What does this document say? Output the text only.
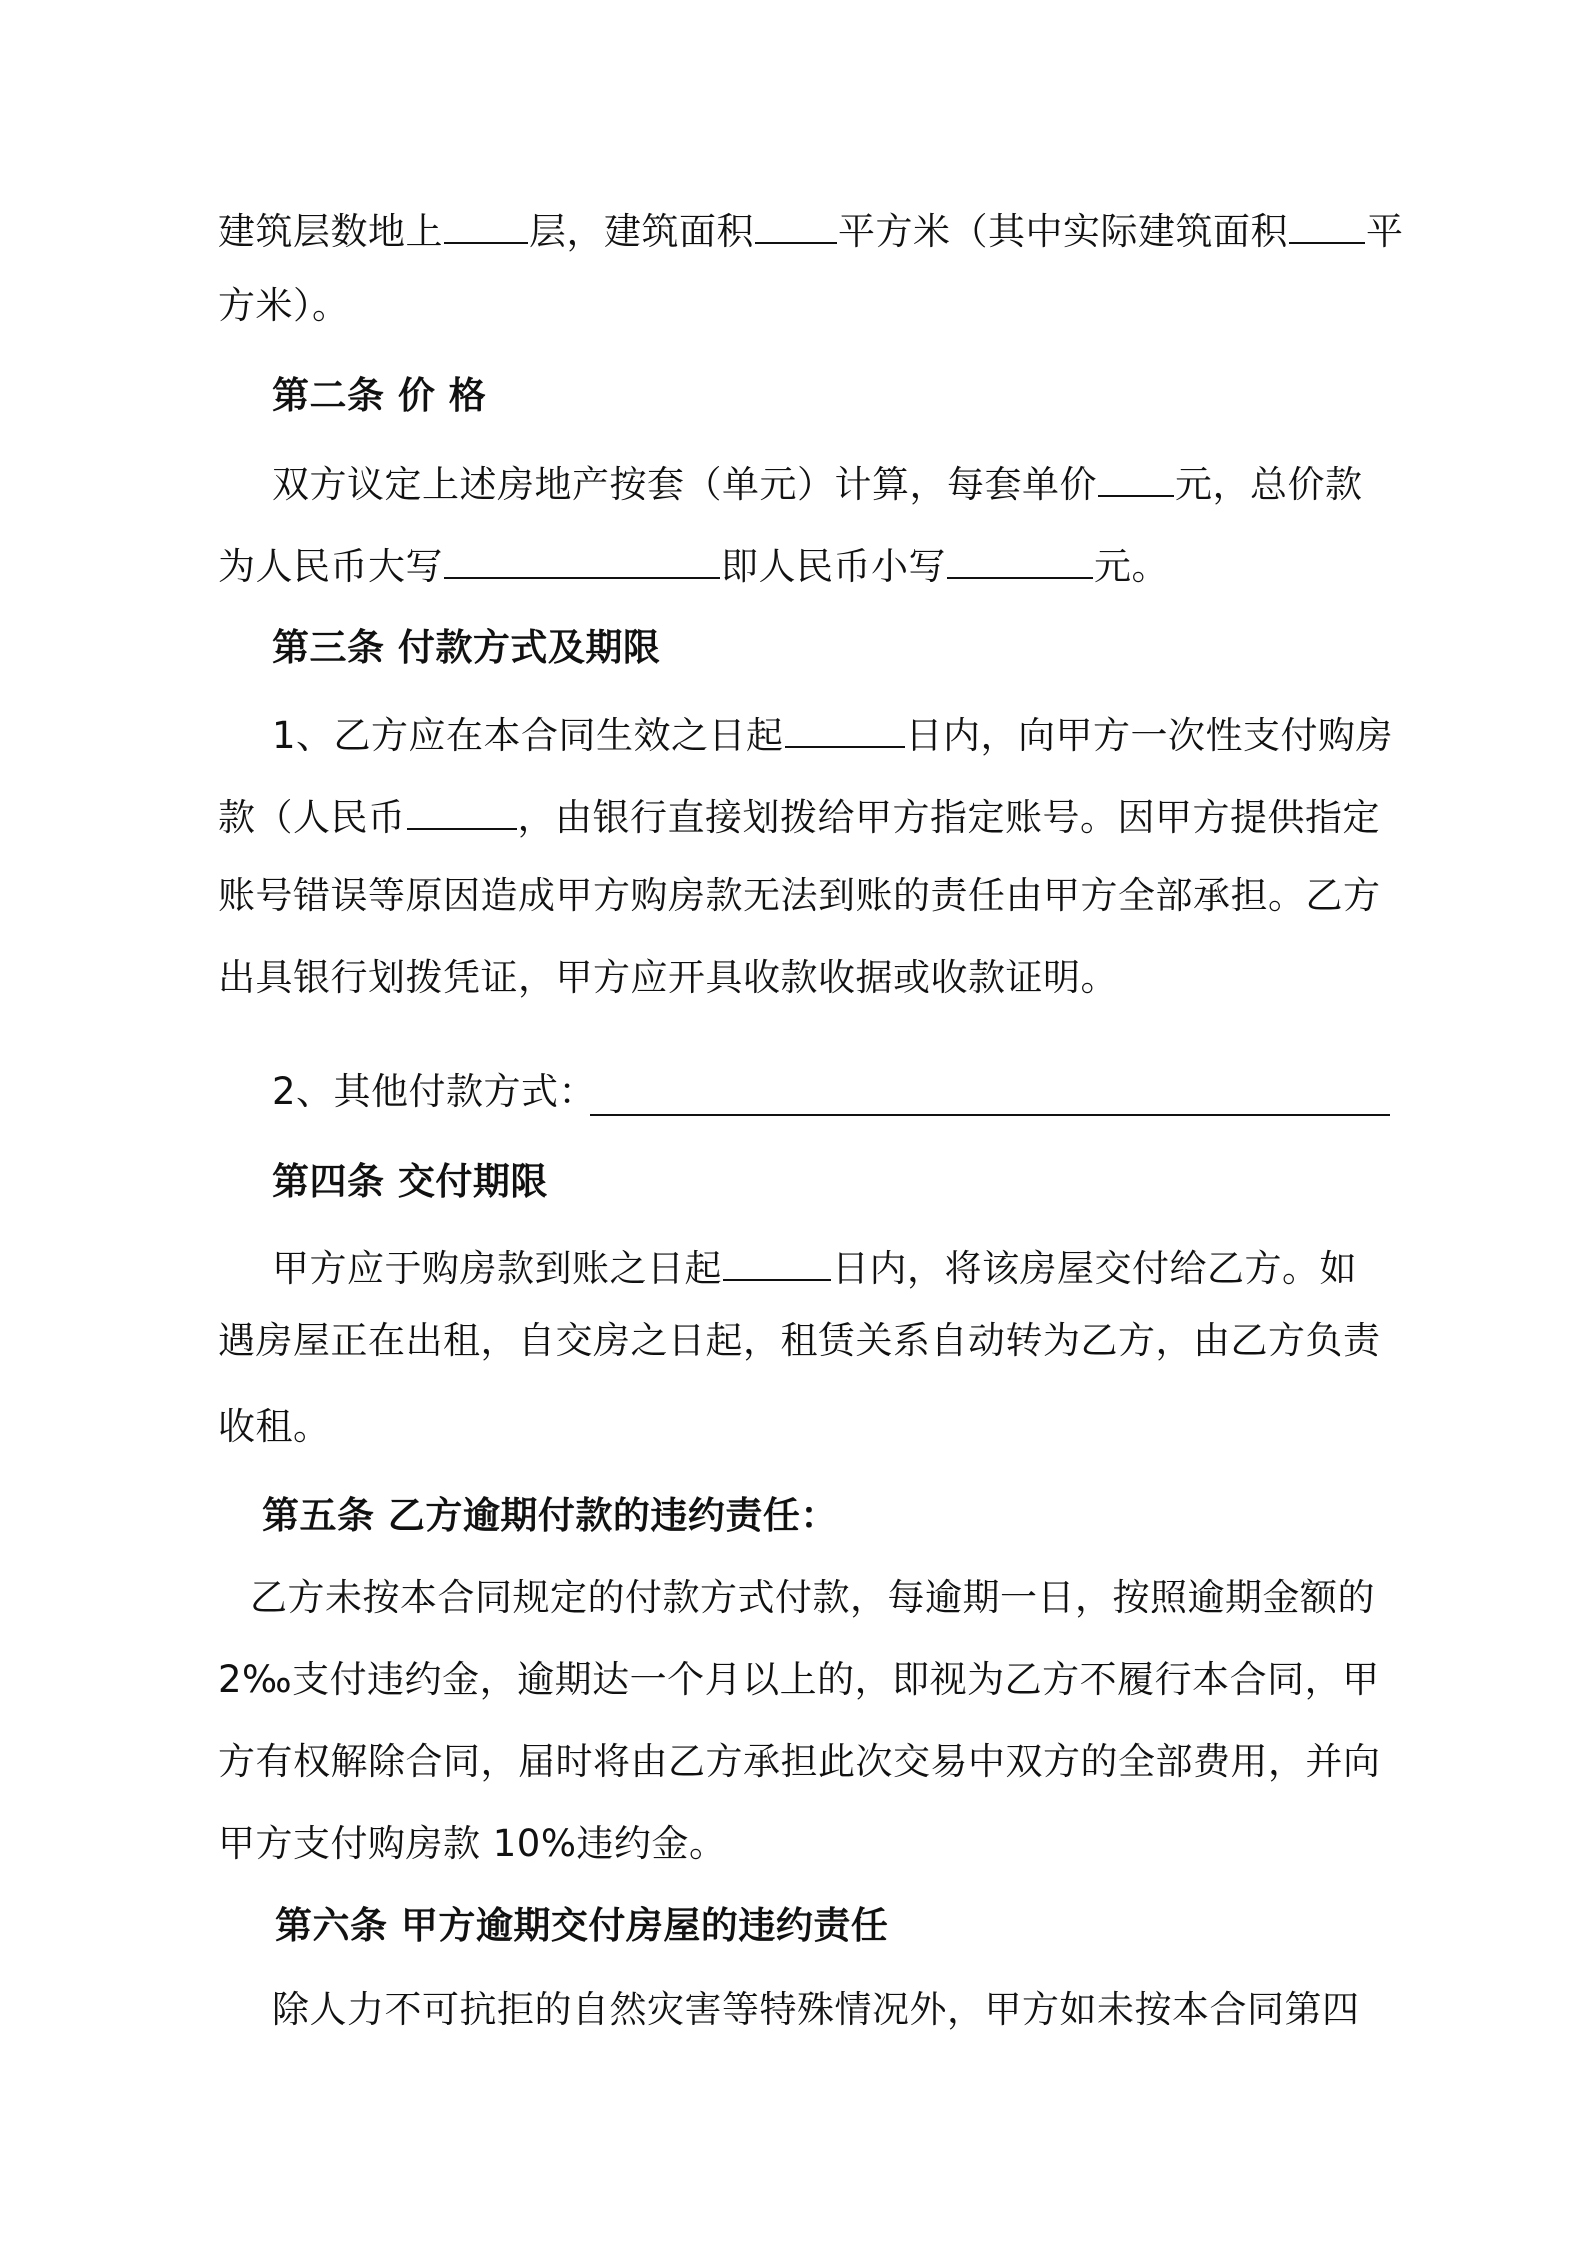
建筑层数地上 层，建筑面积 平方米（其中实际建筑面积 平
方米）。
第二条 价 格
双方议定上述房地产按套（单元）计算，每套单价 元，总价款
为人民币大写	即人民币小写	元。
第三条 付款方式及期限
1、乙方应在本合同生效之日起	日内，向甲方一次性支付购房
款（人民币	，由银行直接划拨给甲方指定账号。因甲方提供指定
账号错误等原因造成甲方购房款无法到账的责任由甲方全部承担。乙方
出具银行划拨凭证，甲方应开具收款收据或收款证明。
2、其他付款方式：
第四条 交付期限
甲方应于购房款到账之日起	日内，将该房屋交付给乙方。如
遇房屋正在出租，自交房之日起，租赁关系自动转为乙方，由乙方负责
收租。
第五条 乙方逾期付款的违约责任：
乙方未按本合同规定的付款方式付款，每逾期一日，按照逾期金额的
2‰支付违约金，逾期达一个月以上的，即视为乙方不履行本合同，甲
方有权解除合同，届时将由乙方承担此次交易中双方的全部费用，并向
甲方支付购房款 10%违约金。
第六条 甲方逾期交付房屋的违约责任
除人力不可抗拒的自然灾害等特殊情况外，甲方如未按本合同第四
